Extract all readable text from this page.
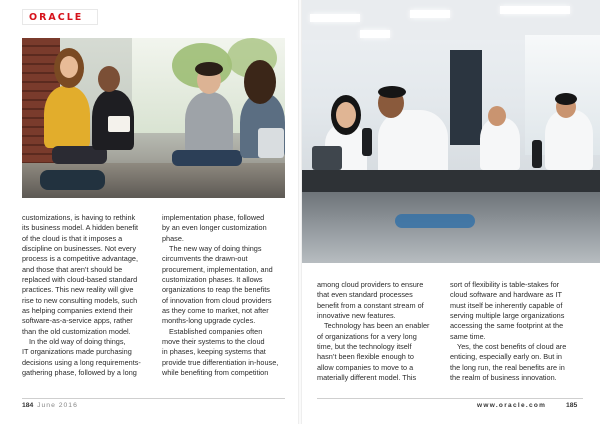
ORACLE

customizations, is having to rethink

its business model. A hidden benefit

of the cloud is that it imposes a

discipline on businesses. Not every

process is a competitive advantage,

and those that aren’t should be

replaced with cloud-based standard

practices. This new reality will give

rise to new consulting models, such

as helping companies extend their

software-as-a-service apps, rather

than the old customization model.

In the old way of doing things,

IT organizations made purchasing

decisions using a long requirements-

gathering phase, followed by a long

implementation phase, followed

by an even longer customization

phase.

The new way of doing things

circumvents the drawn-out

procurement, implementation, and

customization phases. It allows

organizations to reap the benefits

of innovation from cloud providers

as they come to market, not after

months-long upgrade cycles.

Established companies often

move their systems to the cloud

in phases, keeping systems that

provide true differentiation in-house,

while benefiting from competition

184 June 2016

among cloud providers to ensure

that even standard processes

benefit from a constant stream of

innovative new features.

Technology has been an enabler

of organizations for a very long

time, but the technology itself

hasn’t been flexible enough to

allow companies to move to a

materially different model. This

sort of flexibility is table-stakes for

cloud software and hardware as IT

must itself be inherently capable of

serving multiple large organizations

accessing the same footprint at the

same time.

Yes, the cost benefits of cloud are

enticing, especially early on. But in

the long run, the real benefits are in

the realm of business innovation.

www.oracle.com	185
